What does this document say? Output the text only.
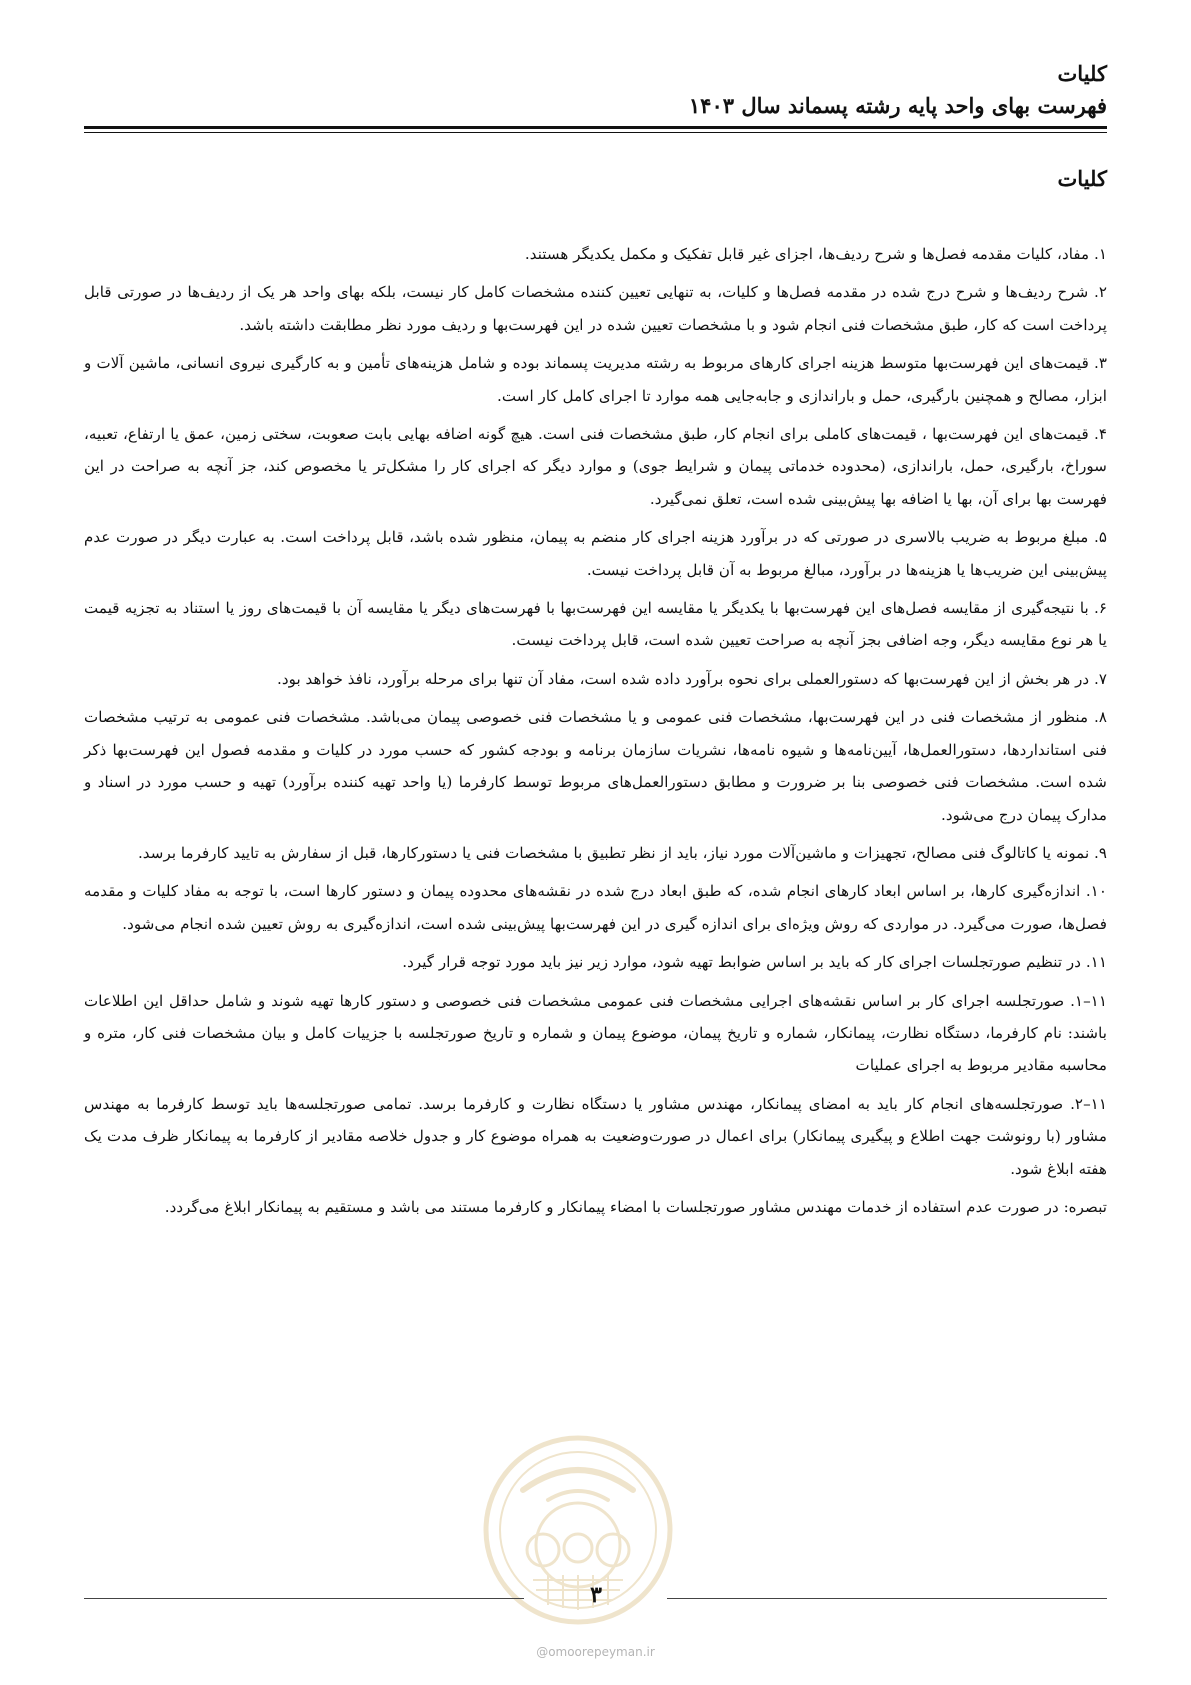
کلیات
فهرست بهای واحد پایه رشته پسماند سال ۱۴۰۳
کلیات

۱. مفاد، کلیات مقدمه فصل‌ها و شرح ردیف‌ها، اجزای غیر قابل تفکیک و مکمل یکدیگر هستند.

۲. شرح ردیف‌ها و شرح درج شده در مقدمه فصل‌ها و کلیات، به تنهایی تعیین کننده مشخصات کامل کار نیست، بلکه بهای واحد هر یک از ردیف‌ها در صورتی قابل پرداخت است که کار، طبق مشخصات فنی انجام شود و با مشخصات تعیین شده در این فهرست‌بها و ردیف مورد نظر مطابقت داشته باشد.

۳. قیمت‌های این فهرست‌بها متوسط هزینه اجرای کارهای مربوط به رشته مدیریت پسماند بوده و شامل هزینه‌های تأمین و به کارگیری نیروی انسانی، ماشین آلات و ابزار، مصالح و همچنین بارگیری، حمل و باراندازی و جابه‌جایی همه موارد تا اجرای کامل کار است.

۴. قیمت‌های این فهرست‌بها ، قیمت‌های کاملی برای انجام کار، طبق مشخصات فنی است. هیچ گونه اضافه بهایی بابت صعوبت، سختی زمین، عمق یا ارتفاع، تعبیه، سوراخ، بارگیری، حمل، باراندازی، (محدوده خدماتی پیمان و شرایط جوی) و موارد دیگر که اجرای کار را مشکل‌تر یا مخصوص کند، جز آنچه به صراحت در این فهرست بها برای آن، بها یا اضافه بها پیش‌بینی شده است، تعلق نمی‌گیرد.

۵. مبلغ مربوط به ضریب بالاسری در صورتی که در برآورد هزینه اجرای کار منضم به پیمان، منظور شده باشد، قابل پرداخت است. به عبارت دیگر در صورت عدم پیش‌بینی این ضریب‌ها یا هزینه‌ها در برآورد، مبالغ مربوط به آن قابل پرداخت نیست.

۶. با نتیجه‌گیری از مقایسه فصل‌های این فهرست‌بها با یکدیگر یا مقایسه این فهرست‌بها با فهرست‌های دیگر یا مقایسه آن با قیمت‌های روز یا استناد به تجزیه قیمت یا هر نوع مقایسه دیگر، وجه اضافی بجز آنچه به صراحت تعیین شده است، قابل پرداخت نیست.

۷. در هر بخش از این فهرست‌بها که دستورالعملی برای نحوه برآورد داده شده است، مفاد آن تنها برای مرحله برآورد، نافذ خواهد بود.

۸. منظور از مشخصات فنی در این فهرست‌بها، مشخصات فنی عمومی و یا مشخصات فنی خصوصی پیمان می‌باشد. مشخصات فنی عمومی به ترتیب مشخصات فنی استانداردها، دستورالعمل‌ها، آیین‌نامه‌ها و شیوه نامه‌ها، نشریات سازمان برنامه و بودجه کشور که حسب مورد در کلیات و مقدمه فصول این فهرست‌بها ذکر شده است. مشخصات فنی خصوصی بنا بر ضرورت و مطابق دستورالعمل‌های مربوط توسط کارفرما (یا واحد تهیه کننده برآورد) تهیه و حسب مورد در اسناد و مدارک پیمان درج می‌شود.

۹. نمونه یا کاتالوگ فنی مصالح، تجهیزات و ماشین‌آلات مورد نیاز، باید از نظر تطبیق با مشخصات فنی یا دستورکارها، قبل از سفارش به تایید کارفرما برسد.

۱۰. اندازه‌گیری کارها، بر اساس ابعاد کارهای انجام شده، که طبق ابعاد درج شده در نقشه‌های محدوده پیمان و دستور کارها است، با توجه به مفاد کلیات و مقدمه فصل‌ها، صورت می‌گیرد. در مواردی که روش ویژه‌ای برای اندازه گیری در این فهرست‌بها پیش‌بینی شده است، اندازه‌گیری به روش تعیین شده انجام می‌شود.

۱۱. در تنظیم صورتجلسات اجرای کار که باید بر اساس ضوابط تهیه شود، موارد زیر نیز باید مورد توجه قرار گیرد.

۱۱–۱. صورتجلسه اجرای کار بر اساس نقشه‌های اجرایی مشخصات فنی عمومی مشخصات فنی خصوصی و دستور کارها تهیه شوند و شامل حداقل این اطلاعات باشند: نام کارفرما، دستگاه نظارت، پیمانکار، شماره و تاریخ پیمان، موضوع پیمان و شماره و تاریخ صورتجلسه با جزییات کامل و بیان مشخصات فنی کار، متره و محاسبه مقادیر مربوط به اجرای عملیات

۱۱–۲. صورتجلسه‌های انجام کار باید به امضای پیمانکار، مهندس مشاور یا دستگاه نظارت و کارفرما برسد. تمامی صورتجلسه‌ها باید توسط کارفرما به مهندس مشاور (با رونوشت جهت اطلاع و پیگیری پیمانکار) برای اعمال در صورت‌وضعیت به همراه موضوع کار و جدول خلاصه مقادیر از کارفرما به پیمانکار ظرف مدت یک هفته ابلاغ شود.

تبصره: در صورت عدم استفاده از خدمات مهندس مشاور صورتجلسات با امضاء پیمانکار و کارفرما مستند می باشد و مستقیم به پیمانکار ابلاغ می‌گردد.

۳
@omoorepeyman.ir
